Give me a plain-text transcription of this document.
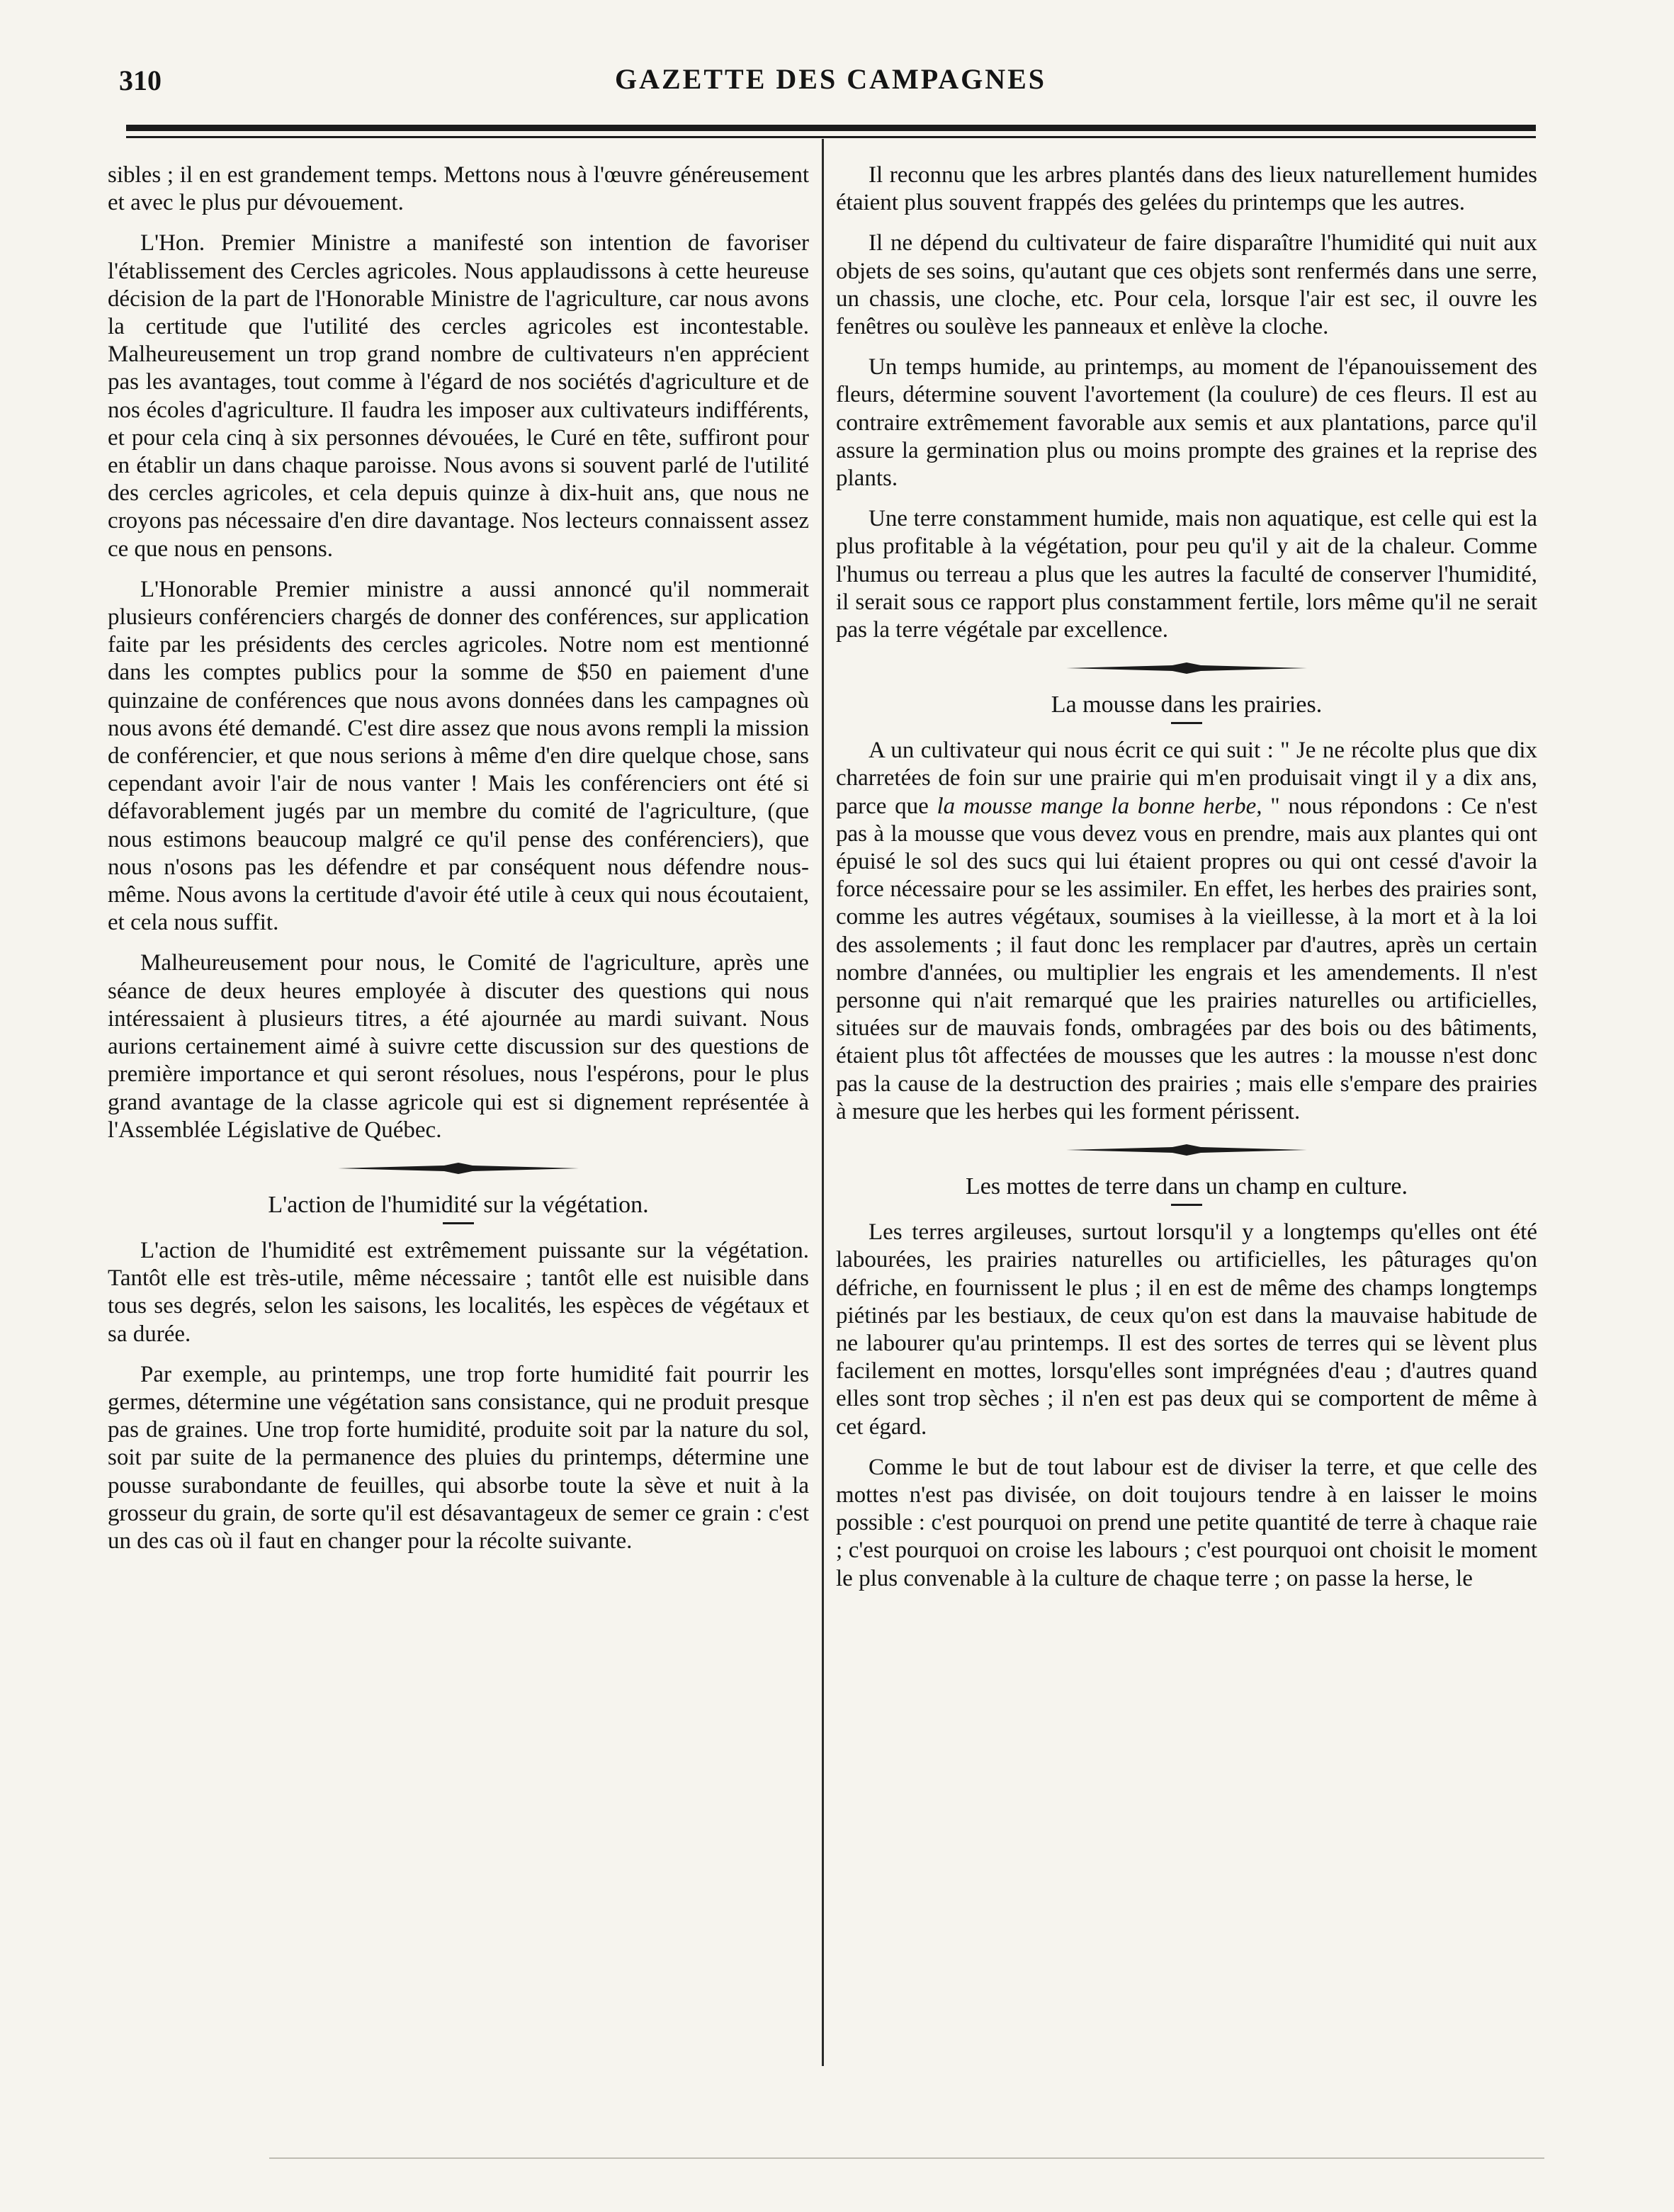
310	GAZETTE DES CAMPAGNES

sibles ; il en est grandement temps. Mettons nous à l'œuvre généreusement et avec le plus pur dévouement.

L'Hon. Premier Ministre a manifesté son intention de favoriser l'établissement des Cercles agricoles. Nous applaudissons à cette heureuse décision de la part de l'Honorable Ministre de l'agriculture, car nous avons la certitude que l'utilité des cercles agricoles est incontestable. Malheureusement un trop grand nombre de cultivateurs n'en apprécient pas les avantages, tout comme à l'égard de nos sociétés d'agriculture et de nos écoles d'agriculture. Il faudra les imposer aux cultivateurs indifférents, et pour cela cinq à six personnes dévouées, le Curé en tête, suffiront pour en établir un dans chaque paroisse. Nous avons si souvent parlé de l'utilité des cercles agricoles, et cela depuis quinze à dix-huit ans, que nous ne croyons pas nécessaire d'en dire davantage. Nos lecteurs connaissent assez ce que nous en pensons.

L'Honorable Premier ministre a aussi annoncé qu'il nommerait plusieurs conférenciers chargés de donner des conférences, sur application faite par les présidents des cercles agricoles. Notre nom est mentionné dans les comptes publics pour la somme de $50 en paiement d'une quinzaine de conférences que nous avons données dans les campagnes où nous avons été demandé. C'est dire assez que nous avons rempli la mission de conférencier, et que nous serions à même d'en dire quelque chose, sans cependant avoir l'air de nous vanter ! Mais les conférenciers ont été si défavorablement jugés par un membre du comité de l'agriculture, (que nous estimons beaucoup malgré ce qu'il pense des conférenciers), que nous n'osons pas les défendre et par conséquent nous défendre nous-même. Nous avons la certitude d'avoir été utile à ceux qui nous écoutaient, et cela nous suffit.

Malheureusement pour nous, le Comité de l'agriculture, après une séance de deux heures employée à discuter des questions qui nous intéressaient à plusieurs titres, a été ajournée au mardi suivant. Nous aurions certainement aimé à suivre cette discussion sur des questions de première importance et qui seront résolues, nous l'espérons, pour le plus grand avantage de la classe agricole qui est si dignement représentée à l'Assemblée Législative de Québec.

L'action de l'humidité sur la végétation.

L'action de l'humidité est extrêmement puissante sur la végétation. Tantôt elle est très-utile, même nécessaire ; tantôt elle est nuisible dans tous ses degrés, selon les saisons, les localités, les espèces de végétaux et sa durée.

Par exemple, au printemps, une trop forte humidité fait pourrir les germes, détermine une végétation sans consistance, qui ne produit presque pas de graines. Une trop forte humidité, produite soit par la nature du sol, soit par suite de la permanence des pluies du printemps, détermine une pousse surabondante de feuilles, qui absorbe toute la sève et nuit à la grosseur du grain, de sorte qu'il est désavantageux de semer ce grain : c'est un des cas où il faut en changer pour la récolte suivante.

Il reconnu que les arbres plantés dans des lieux naturellement humides étaient plus souvent frappés des gelées du printemps que les autres.

Il ne dépend du cultivateur de faire disparaître l'humidité qui nuit aux objets de ses soins, qu'autant que ces objets sont renfermés dans une serre, un chassis, une cloche, etc. Pour cela, lorsque l'air est sec, il ouvre les fenêtres ou soulève les panneaux et enlève la cloche.

Un temps humide, au printemps, au moment de l'épanouissement des fleurs, détermine souvent l'avortement (la coulure) de ces fleurs. Il est au contraire extrêmement favorable aux semis et aux plantations, parce qu'il assure la germination plus ou moins prompte des graines et la reprise des plants.

Une terre constamment humide, mais non aquatique, est celle qui est la plus profitable à la végétation, pour peu qu'il y ait de la chaleur. Comme l'humus ou terreau a plus que les autres la faculté de conserver l'humidité, il serait sous ce rapport plus constamment fertile, lors même qu'il ne serait pas la terre végétale par excellence.

La mousse dans les prairies.

A un cultivateur qui nous écrit ce qui suit : " Je ne récolte plus que dix charretées de foin sur une prairie qui m'en produisait vingt il y a dix ans, parce que la mousse mange la bonne herbe, " nous répondons : Ce n'est pas à la mousse que vous devez vous en prendre, mais aux plantes qui ont épuisé le sol des sucs qui lui étaient propres ou qui ont cessé d'avoir la force nécessaire pour se les assimiler. En effet, les herbes des prairies sont, comme les autres végétaux, soumises à la vieillesse, à la mort et à la loi des assolements ; il faut donc les remplacer par d'autres, après un certain nombre d'années, ou multiplier les engrais et les amendements. Il n'est personne qui n'ait remarqué que les prairies naturelles ou artificielles, situées sur de mauvais fonds, ombragées par des bois ou des bâtiments, étaient plus tôt affectées de mousses que les autres : la mousse n'est donc pas la cause de la destruction des prairies ; mais elle s'empare des prairies à mesure que les herbes qui les forment périssent.

Les mottes de terre dans un champ en culture.

Les terres argileuses, surtout lorsqu'il y a longtemps qu'elles ont été labourées, les prairies naturelles ou artificielles, les pâturages qu'on défriche, en fournissent le plus ; il en est de même des champs longtemps piétinés par les bestiaux, de ceux qu'on est dans la mauvaise habitude de ne labourer qu'au printemps. Il est des sortes de terres qui se lèvent plus facilement en mottes, lorsqu'elles sont imprégnées d'eau ; d'autres quand elles sont trop sèches ; il n'en est pas deux qui se comportent de même à cet égard.

Comme le but de tout labour est de diviser la terre, et que celle des mottes n'est pas divisée, on doit toujours tendre à en laisser le moins possible : c'est pourquoi on prend une petite quantité de terre à chaque raie ; c'est pourquoi on croise les labours ; c'est pourquoi ont choisit le moment le plus convenable à la culture de chaque terre ; on passe la herse, le
